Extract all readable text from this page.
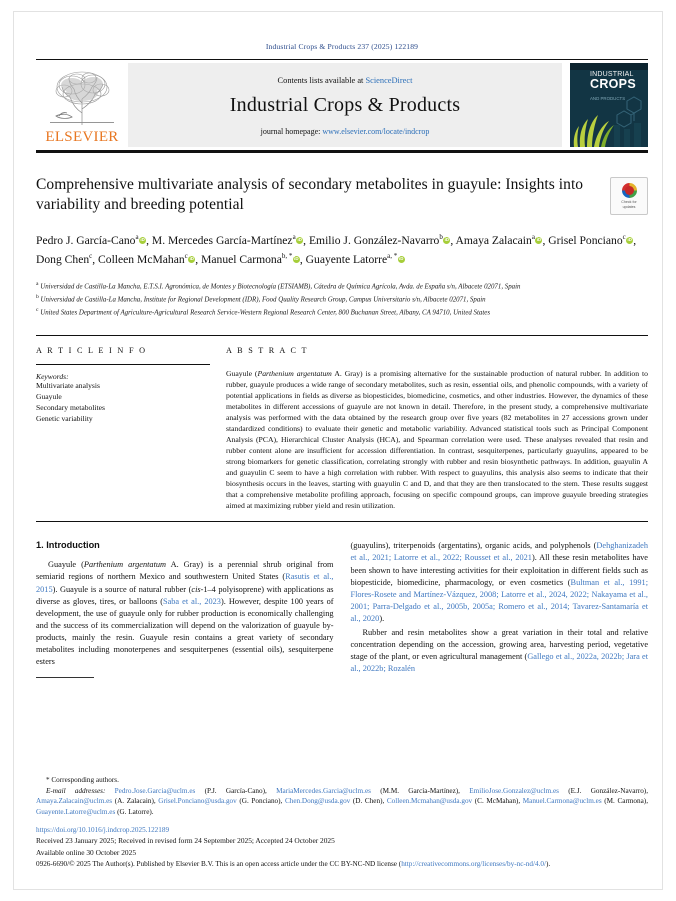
Industrial Crops & Products 237 (2025) 122189
ELSEVIER
Contents lists available at ScienceDirect
Industrial Crops & Products
journal homepage: www.elsevier.com/locate/indcrop
INDUSTRIAL
CROPS
AND PRODUCTS
Comprehensive multivariate analysis of secondary metabolites in guayule: Insights into variability and breeding potential	Check for
updates
Pedro J. García-Cano$^a$ iD , M. Mercedes García-Martínez$^a$ iD , Emilio J. González-Navarro$^b$ iD , Amaya Zalacain$^a$ iD , Grisel Ponciano$^c$ iD , Dong Chen$^c$, Colleen McMahan$^c$ iD , Manuel Carmona$^{b, *}$ iD , Guayente Latorre$^{a, *}$iD
$^a$ Universidad de Castilla-La Mancha, E.T.S.I. Agronómica, de Montes y Biotecnología (ETSIAMB), Cátedra de Química Agrícola, Avda. de España s/n, Albacete 02071, Spain
$^b$ Universidad de Castilla-La Mancha, Institute for Regional Development (IDR), Food Quality Research Group, Campus Universitario s/n, Albacete 02071, Spain
$^c$ United States Department of Agriculture-Agricultural Research Service-Western Regional Research Center, 800 Buchanan Street, Albany, CA 94710, United States
A R T I C L E I N F O
Keywords:
Multivariate analysis
Guayule
Secondary metabolites
Genetic variability
A B S T R A C T
Guayule (Parthenium argentatum A. Gray) is a promising alternative for the sustainable production of natural rubber. In addition to rubber, guayule produces a wide range of secondary metabolites, such as resin, essential oils, and phenolic compounds, with a variety of potential applications in fields as diverse as biopesticides, biomedicine, cosmetics, and other industries. However, the dynamics of these metabolites in different accessions of guayule are not known in detail. Therefore, in the present study, a comprehensive multivariate analysis was performed with the data obtained by the research group over five years (82 metabolites in 27 accessions grown under standardized conditions) to evaluate their genetic and metabolic variability. Advanced statistical tools such as Principal Component Analysis (PCA), Hierarchical Cluster Analysis (HCA), and Spearman correlation were used. These analyses revealed that resin and rubber content alone are insufficient for accession differentiation. In contrast, sesquiterpenes, particularly guayulins, appeared to be strong biomarkers for genetic classification, correlating strongly with rubber and resin biosynthetic pathways. In addition, guayulin A and guayulin C seem to have a high correlation with rubber. With respect to guayulins, this analysis also seems to indicate that their biosynthesis occurs in the leaves, starting with guayulin C and D, and that they are then translocated to the stem. These results suggest that a comprehensive metabolite profiling approach, focusing on specific compound groups, can improve guayule breeding strategies aimed at maximizing rubber yield and resin utilization.
1. Introduction

Guayule (Parthenium argentatum A. Gray) is a perennial shrub original from semiarid regions of northern Mexico and southwestern United States (Rasutis et al., 2015). Guayule is a source of natural rubber (cis-1–4 polyisoprene) with applications as diverse as gloves, tires, or balloons (Saba et al., 2023). However, despite 100 years of development, the use of guayule only for rubber production is economically challenging and the success of its commercialization will depend on the valorization of guayule by-products, mainly the resin. Guayule resin contains a great variety of secondary metabolites including monoterpenes and sesquiterpenes (essential oils), sesquiterpene esters

(guayulins), triterpenoids (argentatins), organic acids, and polyphenols (Dehghanizadeh et al., 2021; Latorre et al., 2022; Rousset et al., 2021). All these resin metabolites have been shown to have interesting activities for their exploitation in different fields such as biopesticide, biomedicine, pharmacology, or even cosmetics (Bultman et al., 1991; Flores-Rosete and Martínez-Vázquez, 2008; Latorre et al., 2024, 2022; Nakayama et al., 2001; Parra-Delgado et al., 2005b, 2005a; Romero et al., 2014; Tavarez-Santamaría et al., 2020).

Rubber and resin metabolites show a great variation in their total and relative concentration depending on the accession, growing area, harvesting period, vegetative stage of the plant, or even agricultural management (Gallego et al., 2022a, 2022b; Jara et al., 2022b; Rozalén

* Corresponding authors.
E-mail addresses: Pedro.Jose.Garcia@uclm.es (P.J. García-Cano), MariaMercedes.Garcia@uclm.es (M.M. García-Martínez), EmilioJose.Gonzalez@uclm.es (E.J. González-Navarro), Amaya.Zalacain@uclm.es (A. Zalacain), Grisel.Ponciano@usda.gov (G. Ponciano), Chen.Dong@usda.gov (D. Chen), Colleen.Mcmahan@usda.gov (C. McMahan), Manuel.Carmona@uclm.es (M. Carmona), Guayente.Latorre@uclm.es (G. Latorre).
https://doi.org/10.1016/j.indcrop.2025.122189
Received 23 January 2025; Received in revised form 24 September 2025; Accepted 24 October 2025
Available online 30 October 2025
0926-6690/© 2025 The Author(s). Published by Elsevier B.V. This is an open access article under the CC BY-NC-ND license (http://creativecommons.org/licenses/by-nc-nd/4.0/).
